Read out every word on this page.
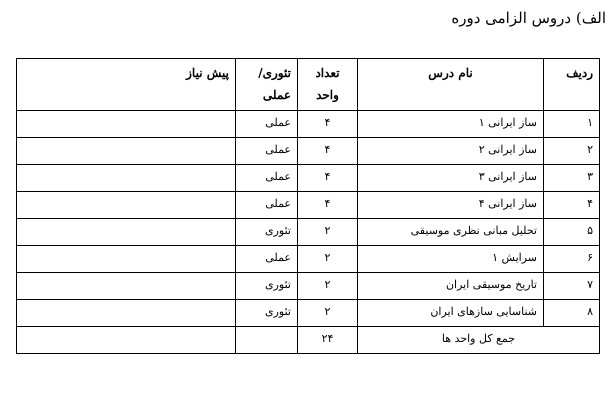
الف) دروس الزامی دوره
ردیف	نام درس	تعداد واحد	تئوری/ عملی	پیش نیاز
۱	ساز ایرانی ۱	۴	عملی	
۲	ساز ایرانی ۲	۴	عملی	
۳	ساز ایرانی ۳	۴	عملی	
۴	ساز ایرانی ۴	۴	عملی	
۵	تحلیل مبانی نظری موسیقی	۲	تئوری	
۶	سرایش ۱	۲	عملی	
۷	تاریخ موسیقی ایران	۲	تئوری	
۸	شناسایی سازهای ایران	۲	تئوری	
جمع کل واحد ها		۲۴		
